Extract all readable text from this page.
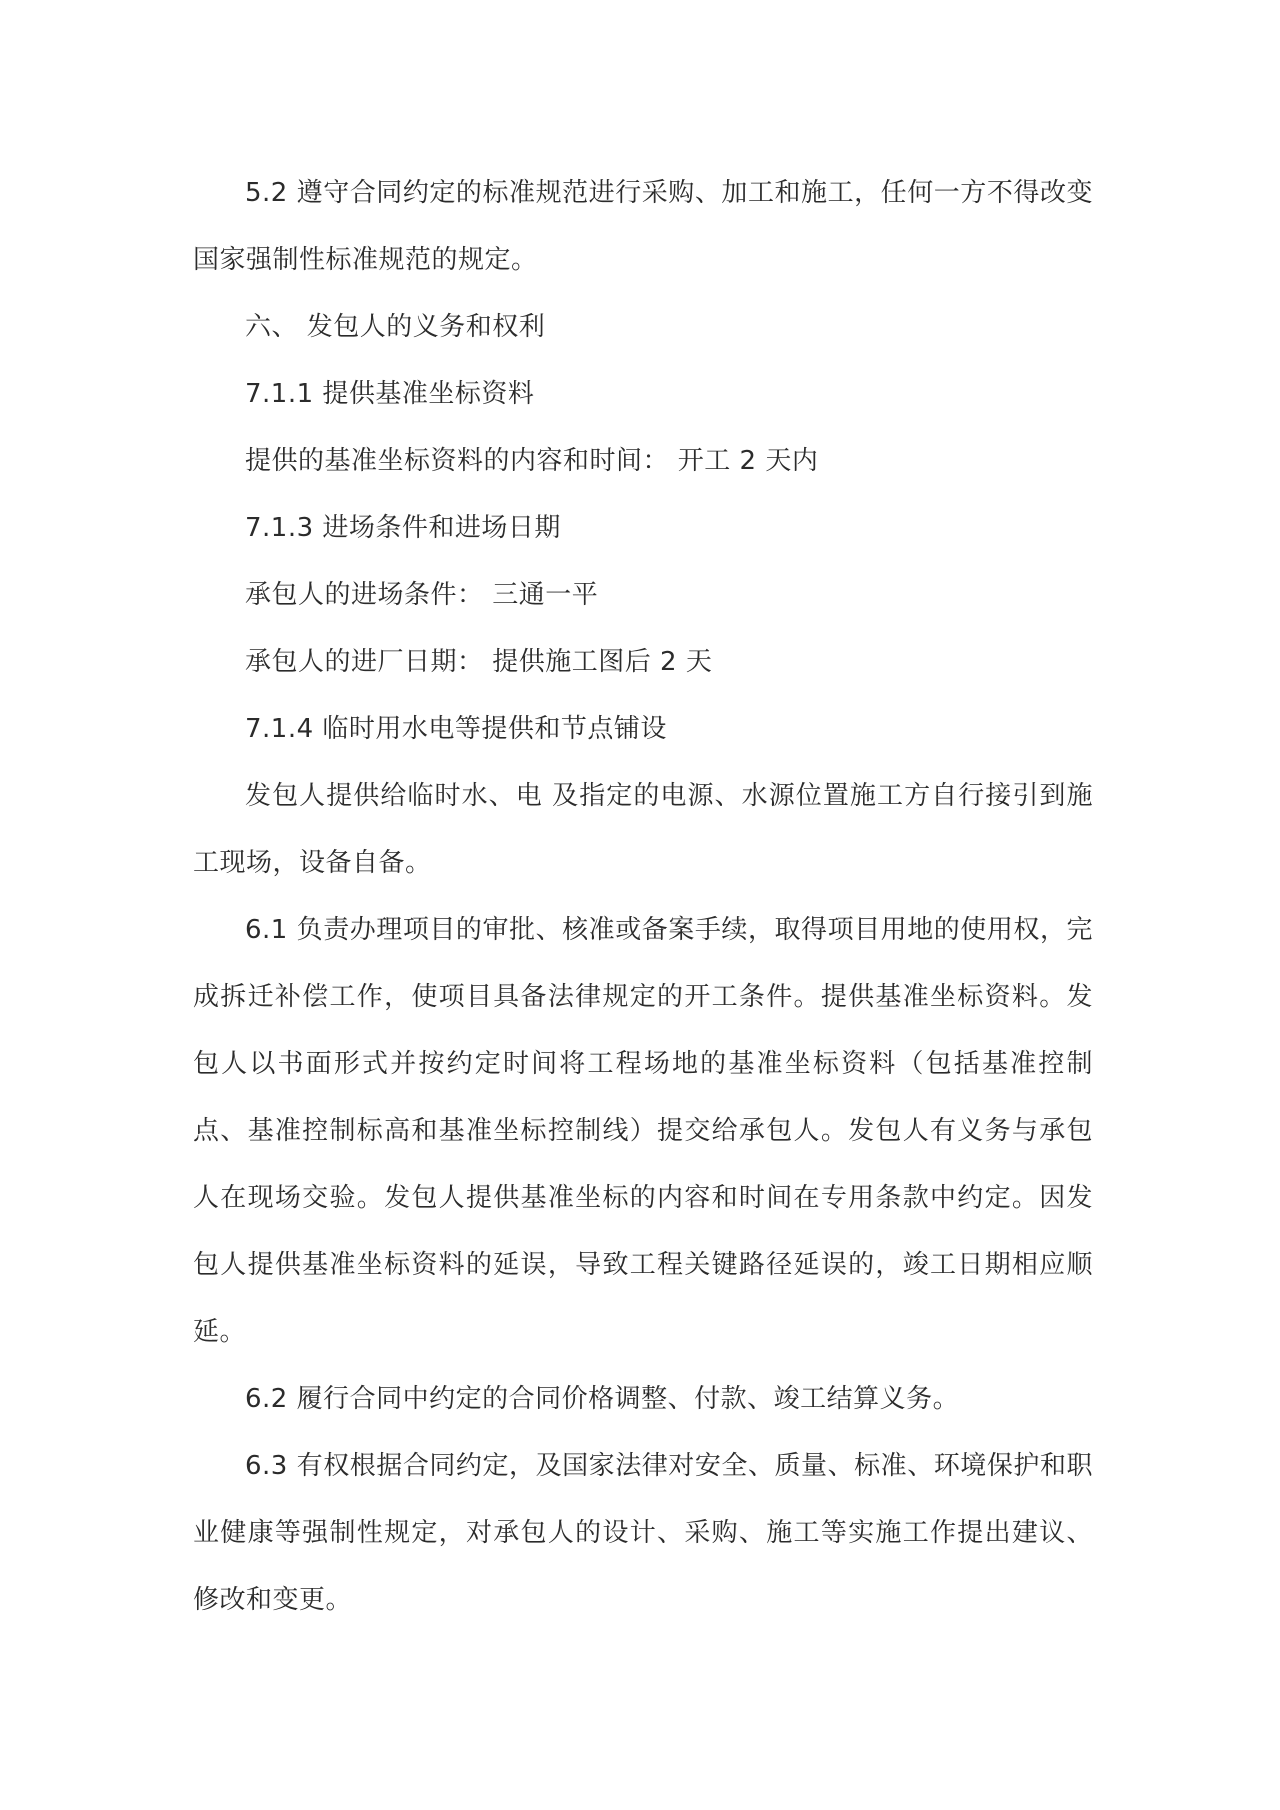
5.2 遵守合同约定的标准规范进行采购、加工和施工，任何一方不得改变国家强制性标准规范的规定。

六、 发包人的义务和权利

7.1.1 提供基准坐标资料

提供的基准坐标资料的内容和时间： 开工 2 天内

7.1.3 进场条件和进场日期

承包人的进场条件： 三通一平

承包人的进厂日期： 提供施工图后 2 天

7.1.4 临时用水电等提供和节点铺设

发包人提供给临时水、电 及指定的电源、水源位置施工方自行接引到施工现场，设备自备。

6.1 负责办理项目的审批、核准或备案手续，取得项目用地的使用权，完成拆迁补偿工作，使项目具备法律规定的开工条件。提供基准坐标资料。发包人以书面形式并按约定时间将工程场地的基准坐标资料（包括基准控制点、基准控制标高和基准坐标控制线）提交给承包人。发包人有义务与承包人在现场交验。发包人提供基准坐标的内容和时间在专用条款中约定。因发包人提供基准坐标资料的延误，导致工程关键路径延误的，竣工日期相应顺延。

6.2 履行合同中约定的合同价格调整、付款、竣工结算义务。

6.3 有权根据合同约定，及国家法律对安全、质量、标准、环境保护和职业健康等强制性规定，对承包人的设计、采购、施工等实施工作提出建议、修改和变更。
